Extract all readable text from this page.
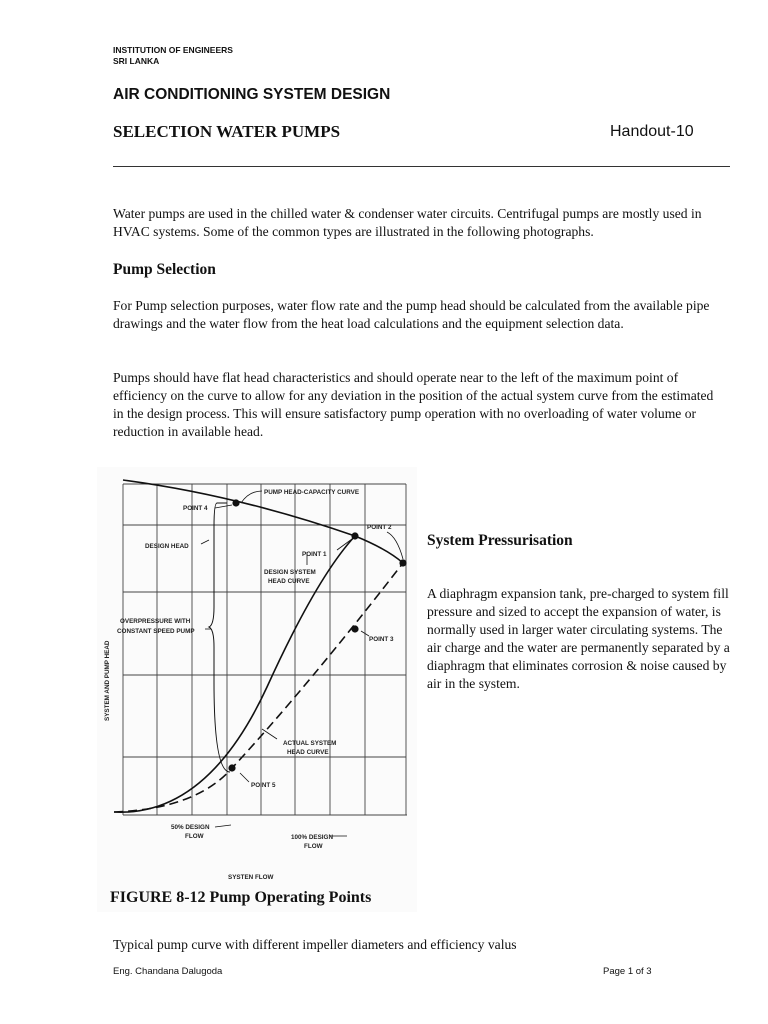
INSTITUTION OF ENGINEERS
SRI LANKA
AIR CONDITIONING SYSTEM DESIGN
SELECTION WATER PUMPS	Handout-10
Water pumps are used in the chilled water & condenser water circuits. Centrifugal pumps are mostly used in HVAC systems. Some of the common types are illustrated in the following photographs.
Pump Selection
For Pump selection purposes, water flow rate and the pump head should be calculated from the available pipe drawings and the water flow from the heat load calculations and the equipment selection data.
Pumps should have flat head characteristics and should operate near to the left of the maximum point of efficiency on the curve to allow for any deviation in the position of the actual system curve from the estimated in the design process. This will ensure satisfactory pump operation with no overloading of water volume or reduction in available head.
PUMP HEAD-CAPACITY CURVE
POINT 4
POINT 2
DESIGN HEAD
POINT 1
DESIGN SYSTEM
HEAD CURVE
OVERPRESSURE WITH
CONSTANT SPEED PUMP
POINT 3
SYSTEM AND PUMP HEAD
ACTUAL SYSTEM
HEAD CURVE
POINT 5
50% DESIGN
FLOW	100% DESIGN
FLOW
SYSTEN FLOW
FIGURE 8-12 Pump Operating Points
System Pressurisation
A diaphragm expansion tank, pre-charged to system fill pressure and sized to accept the expansion of water, is normally used in larger water circulating systems. The air charge and the water are permanently separated by a diaphragm that eliminates corrosion & noise caused by air in the system.
Typical pump curve with different impeller diameters and efficiency valus
Eng. Chandana Dalugoda	Page 1 of 3
